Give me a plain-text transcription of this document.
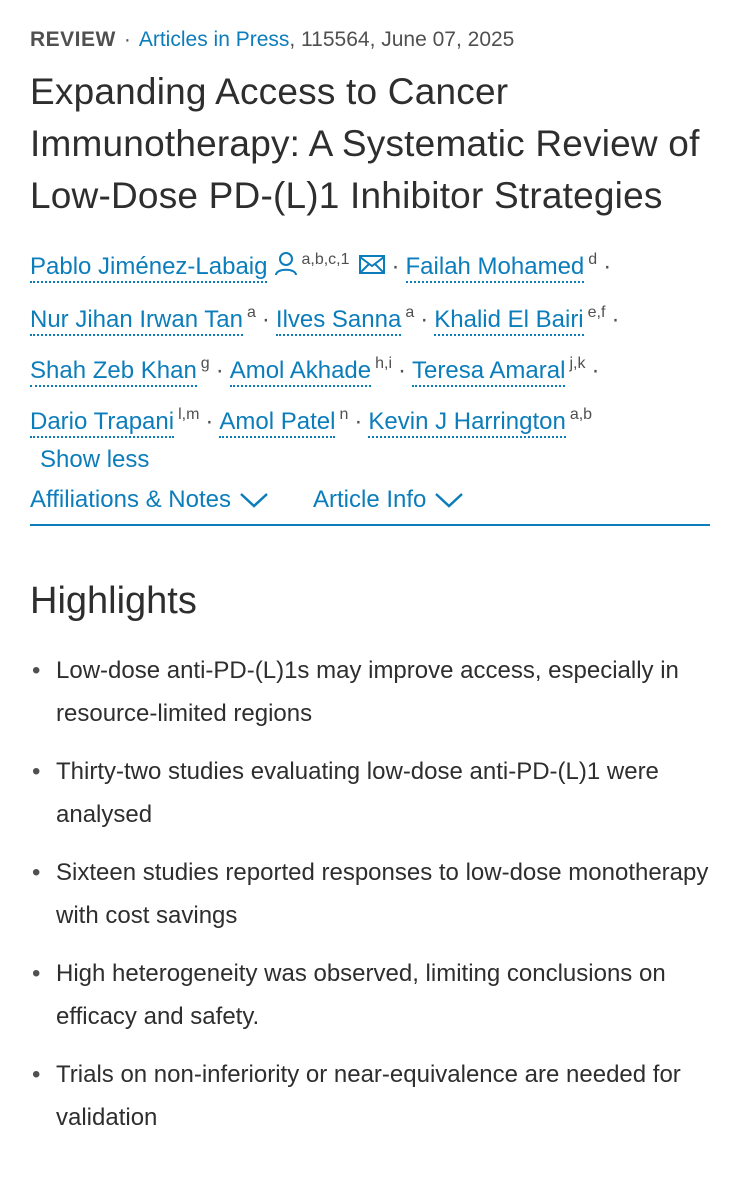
REVIEW · Articles in Press, 115564, June 07, 2025
Expanding Access to Cancer Immunotherapy: A Systematic Review of Low-Dose PD-(L)1 Inhibitor Strategies
Pablo Jiménez-Labaig $^{a,b,c,1}$ · Failah Mohamed $^d$ ·
Nur Jihan Irwan Tan $^a$ · Ilves Sanna $^a$ · Khalid El Bairi $^{e,f}$ ·
Shah Zeb Khan $^g$ · Amol Akhade $^{h,i}$ · Teresa Amaral $^{j,k}$ ·
Dario Trapani $^{l,m}$ · Amol Patel $^n$ · Kevin J Harrington $^{a,b}$
Show less
Affiliations & Notes	Article Info
Highlights
• Low-dose anti-PD-(L)1s may improve access, especially in resource-limited regions
• Thirty-two studies evaluating low-dose anti-PD-(L)1 were analysed
• Sixteen studies reported responses to low-dose monotherapy with cost savings
• High heterogeneity was observed, limiting conclusions on efficacy and safety.
• Trials on non-inferiority or near-equivalence are needed for validation
